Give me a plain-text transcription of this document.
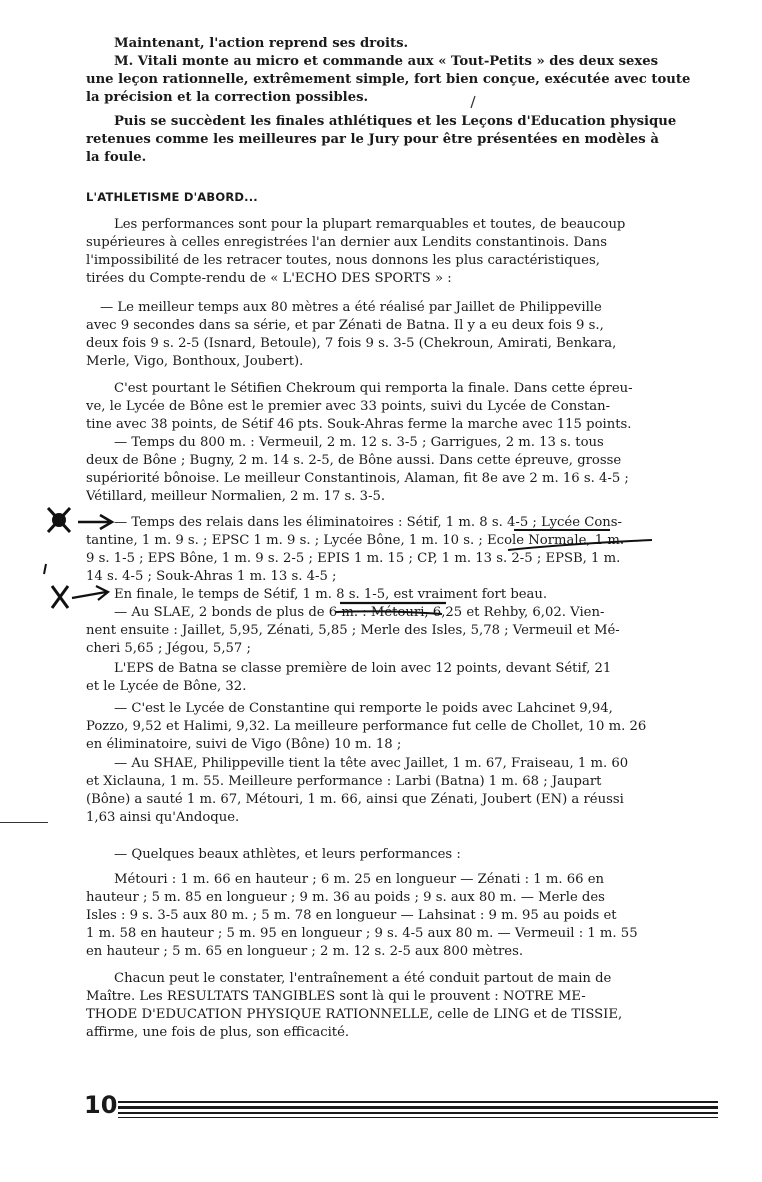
Maintenant, l'action reprend ses droits.
M. Vitali monte au micro et commande aux « Tout-Petits » des deux sexes
une leçon rationnelle, extrêmement simple, fort bien conçue, exécutée avec toute
la précision et la correction possibles.
Puis se succèdent les finales athlétiques et les Leçons d'Education physique
retenues comme les meilleures par le Jury pour être présentées en modèles à
la foule.
L'ATHLETISME D'ABORD...
Les performances sont pour la plupart remarquables et toutes, de beaucoup
supérieures à celles enregistrées l'an dernier aux Lendits constantinois. Dans
l'impossibilité de les retracer toutes, nous donnons les plus caractéristiques,
tirées du Compte-rendu de « L'ECHO DES SPORTS » :
— Le meilleur temps aux 80 mètres a été réalisé par Jaillet de Philippeville
avec 9 secondes dans sa série, et par Zénati de Batna. Il y a eu deux fois 9 s.,
deux fois 9 s. 2-5 (Isnard, Betoule), 7 fois 9 s. 3-5 (Chekroun, Amirati, Benkara,
Merle, Vigo, Bonthoux, Joubert).
C'est pourtant le Sétifien Chekroum qui remporta la finale. Dans cette épreu-
ve, le Lycée de Bône est le premier avec 33 points, suivi du Lycée de Constan-
tine avec 38 points, de Sétif 46 pts. Souk-Ahras ferme la marche avec 115 points.
— Temps du 800 m. : Vermeuil, 2 m. 12 s. 3-5 ; Garrigues, 2 m. 13 s. tous
deux de Bône ; Bugny, 2 m. 14 s. 2-5, de Bône aussi. Dans cette épreuve, grosse
supériorité bônoise. Le meilleur Constantinois, Alaman, fit 8e ave 2 m. 16 s. 4-5 ;
Vétillard, meilleur Normalien, 2 m. 17 s. 3-5.
— Temps des relais dans les éliminatoires : Sétif, 1 m. 8 s. 4-5 ; Lycée Cons-
tantine, 1 m. 9 s. ; EPSC 1 m. 9 s. ; Lycée Bône, 1 m. 10 s. ; Ecole Normale, 1 m.
9 s. 1-5 ; EPS Bône, 1 m. 9 s. 2-5 ; EPIS 1 m. 15 ; CP, 1 m. 13 s. 2-5 ; EPSB, 1 m.
14 s. 4-5 ; Souk-Ahras 1 m. 13 s. 4-5 ;
En finale, le temps de Sétif, 1 m. 8 s. 1-5, est vraiment fort beau.
— Au SLAE, 2 bonds de plus de 6 m. : Métouri, 6,25 et Rehby, 6,02. Vien-
nent ensuite : Jaillet, 5,95, Zénati, 5,85 ; Merle des Isles, 5,78 ; Vermeuil et Mé-
cheri 5,65 ; Jégou, 5,57 ;
L'EPS de Batna se classe première de loin avec 12 points, devant Sétif, 21
et le Lycée de Bône, 32.
— C'est le Lycée de Constantine qui remporte le poids avec Lahcinet 9,94,
Pozzo, 9,52 et Halimi, 9,32. La meilleure performance fut celle de Chollet, 10 m. 26
en éliminatoire, suivi de Vigo (Bône) 10 m. 18 ;
— Au SHAE, Philippeville tient la tête avec Jaillet, 1 m. 67, Fraiseau, 1 m. 60
et Xiclauna, 1 m. 55. Meilleure performance : Larbi (Batna) 1 m. 68 ; Jaupart
(Bône) a sauté 1 m. 67, Métouri, 1 m. 66, ainsi que Zénati, Joubert (EN) a réussi
1,63 ainsi qu'Andoque.
— Quelques beaux athlètes, et leurs performances :
Métouri : 1 m. 66 en hauteur ; 6 m. 25 en longueur — Zénati : 1 m. 66 en
hauteur ; 5 m. 85 en longueur ; 9 m. 36 au poids ; 9 s. aux 80 m. — Merle des
Isles : 9 s. 3-5 aux 80 m. ; 5 m. 78 en longueur — Lahsinat : 9 m. 95 au poids et
1 m. 58 en hauteur ; 5 m. 95 en longueur ; 9 s. 4-5 aux 80 m. — Vermeuil : 1 m. 55
en hauteur ; 5 m. 65 en longueur ; 2 m. 12 s. 2-5 aux 800 mètres.
Chacun peut le constater, l'entraînement a été conduit partout de main de
Maître. Les RESULTATS TANGIBLES sont là qui le prouvent : NOTRE ME-
THODE D'EDUCATION PHYSIQUE RATIONNELLE, celle de LING et de TISSIE,
affirme, une fois de plus, son efficacité.
10
